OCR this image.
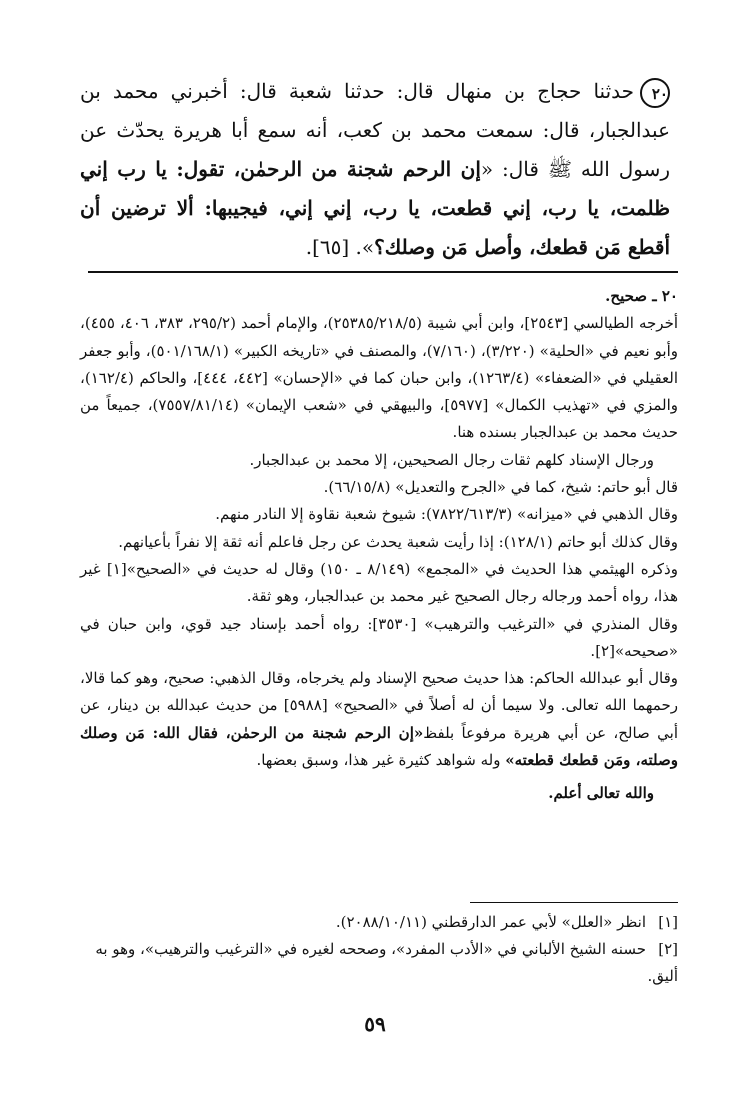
٢٠حدثنا حجاج بن منهال قال: حدثنا شعبة قال: أخبرني محمد بن عبدالجبار، قال: سمعت محمد بن كعب، أنه سمع أبا هريرة يحدّث عن رسول الله ﷺ قال: «إن الرحم شجنة من الرحمٰن، تقول: يا رب إني ظلمت، يا رب، إني قطعت، يا رب، إني إني، فيجيبها: ألا ترضين أن أقطع مَن قطعك، وأصل مَن وصلك؟». [٦٥].

٢٠ ـ صحيح.

أخرجه الطيالسي [٢٥٤٣]، وابن أبي شيبة (٢٥٣٨٥/٢١٨/٥)، والإمام أحمد (٢٩٥/٢، ٣٨٣، ٤٠٦، ٤٥٥)، وأبو نعيم في «الحلية» (٣/٢٢٠)، (٧/١٦٠)، والمصنف في «تاريخه الكبير» (٥٠١/١٦٨/١)، وأبو جعفر العقيلي في «الضعفاء» (١٢٦٣/٤)، وابن حبان كما في «الإحسان» [٤٤٢، ٤٤٤]، والحاكم (١٦٢/٤)، والمزي في «تهذيب الكمال» [٥٩٧٧]، والبيهقي في «شعب الإيمان» (٧٥٥٧/٨١/١٤)، جميعاً من حديث محمد بن عبدالجبار بسنده هنا.

ورجال الإسناد كلهم ثقات رجال الصحيحين، إلا محمد بن عبدالجبار.

قال أبو حاتم: شيخ، كما في «الجرح والتعديل» (٦٦/١٥/٨).

وقال الذهبي في «ميزانه» (٧٨٢٢/٦١٣/٣): شيوخ شعبة نقاوة إلا النادر منهم.

وقال كذلك أبو حاتم (١٢٨/١): إذا رأيت شعبة يحدث عن رجل فاعلم أنه ثقة إلا نفراً بأعيانهم.

وذكره الهيثمي هذا الحديث في «المجمع» (٨/١٤٩ ـ ١٥٠) وقال له حديث في «الصحيح»[١] غير هذا، رواه أحمد ورجاله رجال الصحيح غير محمد بن عبدالجبار، وهو ثقة.

وقال المنذري في «الترغيب والترهيب» [٣٥٣٠]: رواه أحمد بإسناد جيد قوي، وابن حبان في «صحيحه»[٢].

وقال أبو عبدالله الحاكم: هذا حديث صحيح الإسناد ولم يخرجاه، وقال الذهبي: صحيح، وهو كما قالا، رحمهما الله تعالى. ولا سيما أن له أصلاً في «الصحيح» [٥٩٨٨] من حديث عبدالله بن دينار، عن أبي صالح، عن أبي هريرة مرفوعاً بلفظ«إن الرحم شجنة من الرحمٰن، فقال الله: مَن وصلك وصلته، ومَن قطعك قطعته» وله شواهد كثيرة غير هذا، وسبق بعضها.

والله تعالى أعلم.

[١]انظر «العلل» لأبي عمر الدارقطني (٢٠٨٨/١٠/١١).

[٢]حسنه الشيخ الألباني في «الأدب المفرد»، وصححه لغيره في «الترغيب والترهيب»، وهو به أليق.

٥٩
